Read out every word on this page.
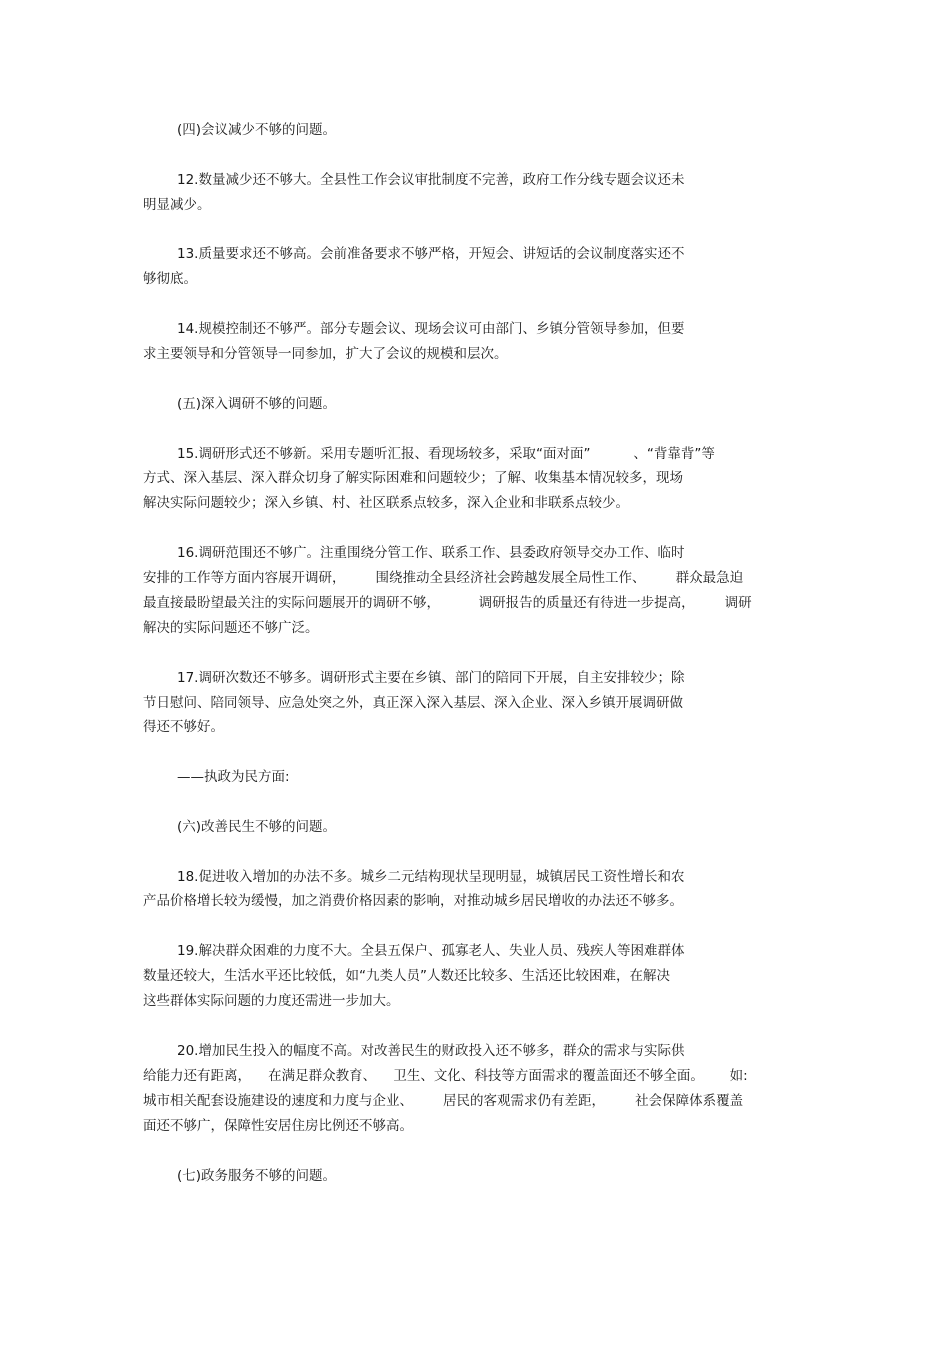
(四)会议减少不够的问题。
12.数量减少还不够大。全县性工作会议审批制度不完善，政府工作分线专题会议还未
明显减少。
13.质量要求还不够高。会前准备要求不够严格，开短会、讲短话的会议制度落实还不
够彻底。
14.规模控制还不够严。部分专题会议、现场会议可由部门、乡镇分管领导参加，但要
求主要领导和分管领导一同参加，扩大了会议的规模和层次。
(五)深入调研不够的问题。
15.调研形式还不够新。采用专题听汇报、看现场较多，采取“面对面”          、“背靠背”等
方式、深入基层、深入群众切身了解实际困难和问题较少；了解、收集基本情况较多，现场
解决实际问题较少；深入乡镇、村、社区联系点较多，深入企业和非联系点较少。
16.调研范围还不够广。注重围绕分管工作、联系工作、县委政府领导交办工作、临时
安排的工作等方面内容展开调研，       围绕推动全县经济社会跨越发展全局性工作、       群众最急迫
最直接最盼望最关注的实际问题展开的调研不够，         调研报告的质量还有待进一步提高，       调研
解决的实际问题还不够广泛。
17.调研次数还不够多。调研形式主要在乡镇、部门的陪同下开展，自主安排较少；除
节日慰问、陪同领导、应急处突之外，真正深入深入基层、深入企业、深入乡镇开展调研做
得还不够好。
——执政为民方面:
(六)改善民生不够的问题。
18.促进收入增加的办法不多。城乡二元结构现状呈现明显，城镇居民工资性增长和农
产品价格增长较为缓慢，加之消费价格因素的影响，对推动城乡居民增收的办法还不够多。
19.解决群众困难的力度不大。全县五保户、孤寡老人、失业人员、残疾人等困难群体
数量还较大，生活水平还比较低，如“九类人员”人数还比较多、生活还比较困难，在解决
这些群体实际问题的力度还需进一步加大。
20.增加民生投入的幅度不高。对改善民生的财政投入还不够多，群众的需求与实际供
给能力还有距离，    在满足群众教育、    卫生、文化、科技等方面需求的覆盖面还不够全面。      如:
城市相关配套设施建设的速度和力度与企业、       居民的客观需求仍有差距，       社会保障体系覆盖
面还不够广，保障性安居住房比例还不够高。
(七)政务服务不够的问题。
